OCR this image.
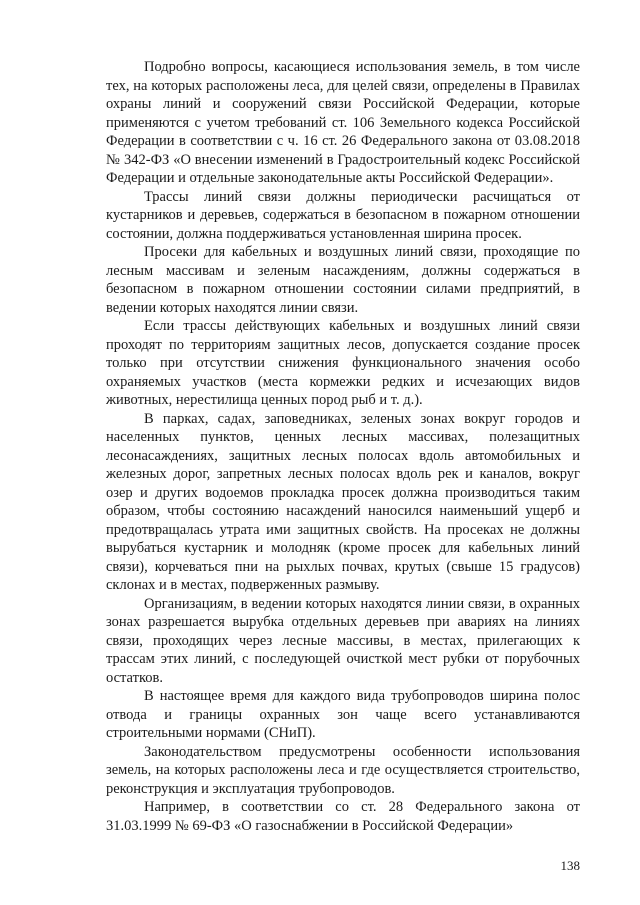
Подробно вопросы, касающиеся использования земель, в том числе тех, на которых расположены леса, для целей связи, определены в Правилах охраны линий и сооружений связи Российской Федерации, которые применяются с учетом требований ст. 106 Земельного кодекса Российской Федерации в соответствии с ч. 16 ст. 26 Федерального закона от 03.08.2018 № 342-ФЗ «О внесении изменений в Градостроительный кодекс Российской Федерации и отдельные законодательные акты Российской Федерации».

Трассы линий связи должны периодически расчищаться от кустарников и деревьев, содержаться в безопасном в пожарном отношении состоянии, должна поддерживаться установленная ширина просек.

Просеки для кабельных и воздушных линий связи, проходящие по лесным массивам и зеленым насаждениям, должны содержаться в безопасном в пожарном отношении состоянии силами предприятий, в ведении которых находятся линии связи.

Если трассы действующих кабельных и воздушных линий связи проходят по территориям защитных лесов, допускается создание просек только при отсутствии снижения функционального значения особо охраняемых участков (места кормежки редких и исчезающих видов животных, нерестилища ценных пород рыб и т. д.).

В парках, садах, заповедниках, зеленых зонах вокруг городов и населенных пунктов, ценных лесных массивах, полезащитных лесонасаждениях, защитных лесных полосах вдоль автомобильных и железных дорог, запретных лесных полосах вдоль рек и каналов, вокруг озер и других водоемов прокладка просек должна производиться таким образом, чтобы состоянию насаждений наносился наименьший ущерб и предотвращалась утрата ими защитных свойств. На просеках не должны вырубаться кустарник и молодняк (кроме просек для кабельных линий связи), корчеваться пни на рыхлых почвах, крутых (свыше 15 градусов) склонах и в местах, подверженных размыву.

Организациям, в ведении которых находятся линии связи, в охранных зонах разрешается вырубка отдельных деревьев при авариях на линиях связи, проходящих через лесные массивы, в местах, прилегающих к трассам этих линий, с последующей очисткой мест рубки от порубочных остатков.

В настоящее время для каждого вида трубопроводов ширина полос отвода и границы охранных зон чаще всего устанавливаются строительными нормами (СНиП).

Законодательством предусмотрены особенности использования земель, на которых расположены леса и где осуществляется строительство, реконструкция и эксплуатация трубопроводов.

Например, в соответствии со ст. 28 Федерального закона от 31.03.1999 № 69-ФЗ «О газоснабжении в Российской Федерации»

138
